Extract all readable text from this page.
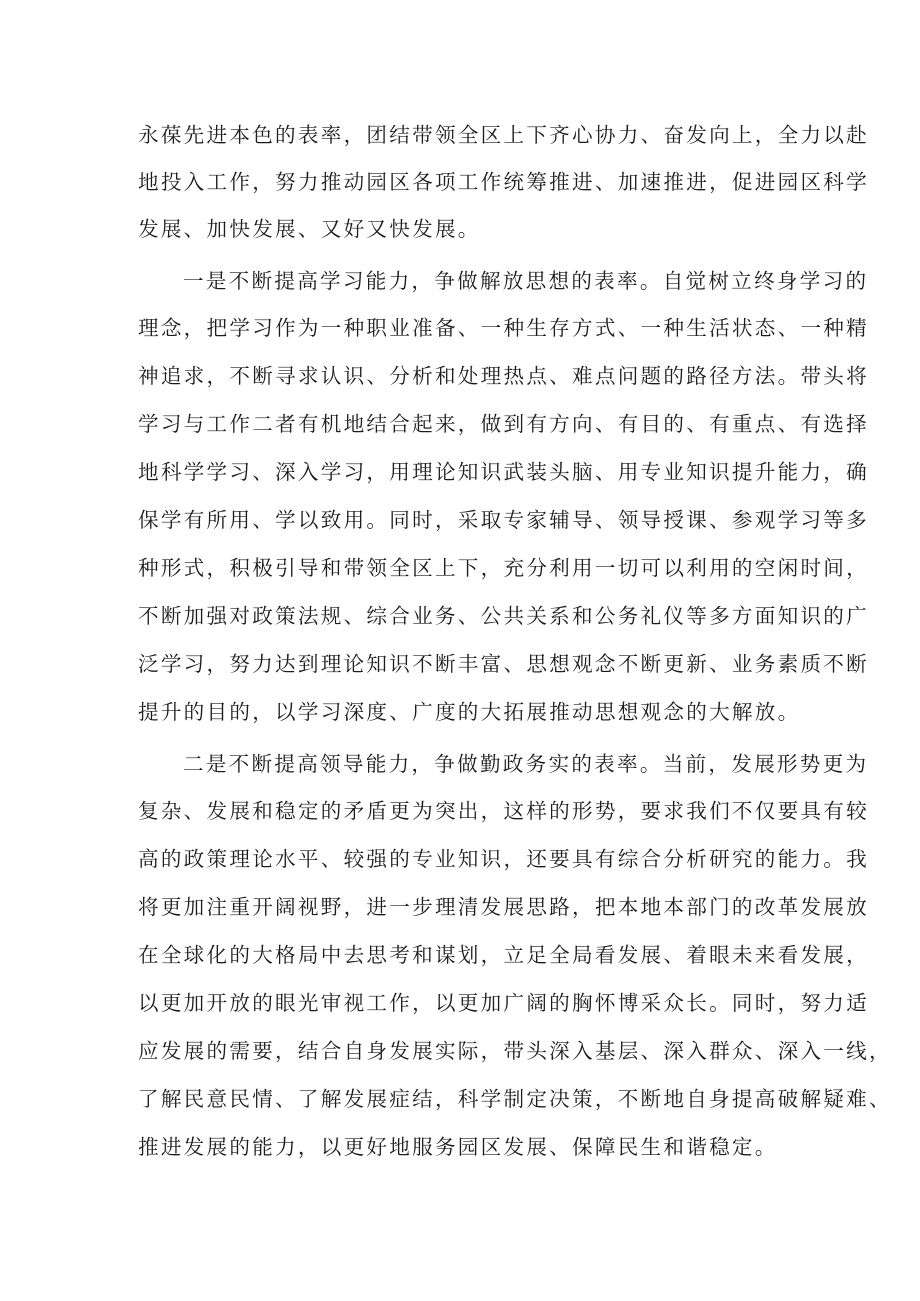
永葆先进本色的表率，团结带领全区上下齐心协力、奋发向上，全力以赴
地投入工作，努力推动园区各项工作统筹推进、加速推进，促进园区科学
发展、加快发展、又好又快发展。
一是不断提高学习能力，争做解放思想的表率。自觉树立终身学习的
理念，把学习作为一种职业准备、一种生存方式、一种生活状态、一种精
神追求，不断寻求认识、分析和处理热点、难点问题的路径方法。带头将
学习与工作二者有机地结合起来，做到有方向、有目的、有重点、有选择
地科学学习、深入学习，用理论知识武装头脑、用专业知识提升能力，确
保学有所用、学以致用。同时，采取专家辅导、领导授课、参观学习等多
种形式，积极引导和带领全区上下，充分利用一切可以利用的空闲时间，
不断加强对政策法规、综合业务、公共关系和公务礼仪等多方面知识的广
泛学习，努力达到理论知识不断丰富、思想观念不断更新、业务素质不断
提升的目的，以学习深度、广度的大拓展推动思想观念的大解放。
二是不断提高领导能力，争做勤政务实的表率。当前，发展形势更为
复杂、发展和稳定的矛盾更为突出，这样的形势，要求我们不仅要具有较
高的政策理论水平、较强的专业知识，还要具有综合分析研究的能力。我
将更加注重开阔视野，进一步理清发展思路，把本地本部门的改革发展放
在全球化的大格局中去思考和谋划，立足全局看发展、着眼未来看发展，
以更加开放的眼光审视工作，以更加广阔的胸怀博采众长。同时，努力适
应发展的需要，结合自身发展实际，带头深入基层、深入群众、深入一线，
了解民意民情、了解发展症结，科学制定决策，不断地自身提高破解疑难、
推进发展的能力，以更好地服务园区发展、保障民生和谐稳定。
